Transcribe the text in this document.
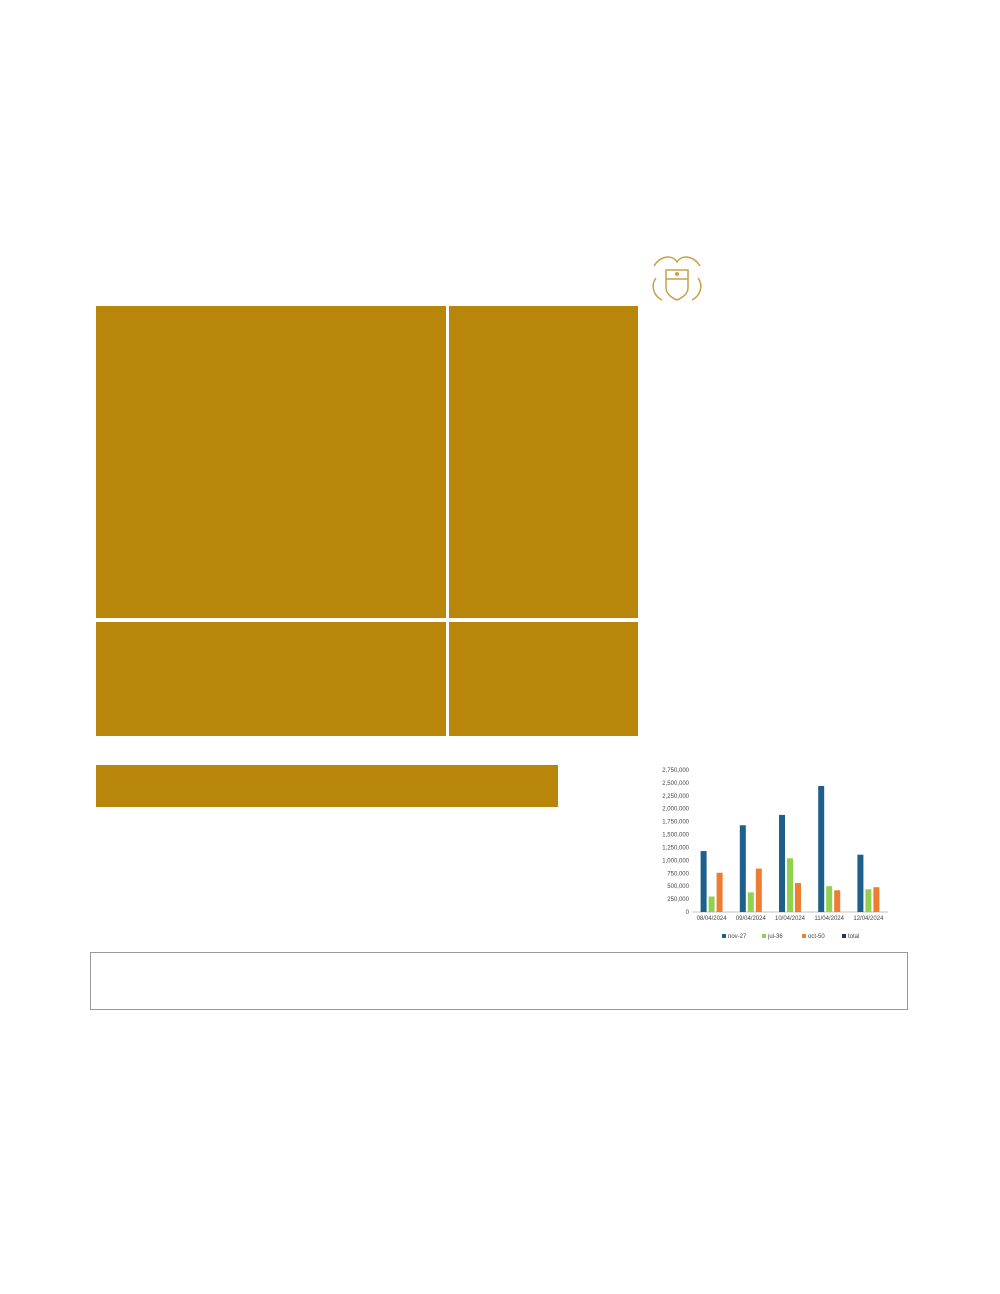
0
250,000
500,000
750,000
1,000,000
1,250,000
1,500,000
1,750,000
2,000,000
2,250,000
2,500,000
2,750,000
08/04/2024 09/04/2024 10/04/2024 11/04/2024 12/04/2024
nov-27	jul-36	oct-50	total
